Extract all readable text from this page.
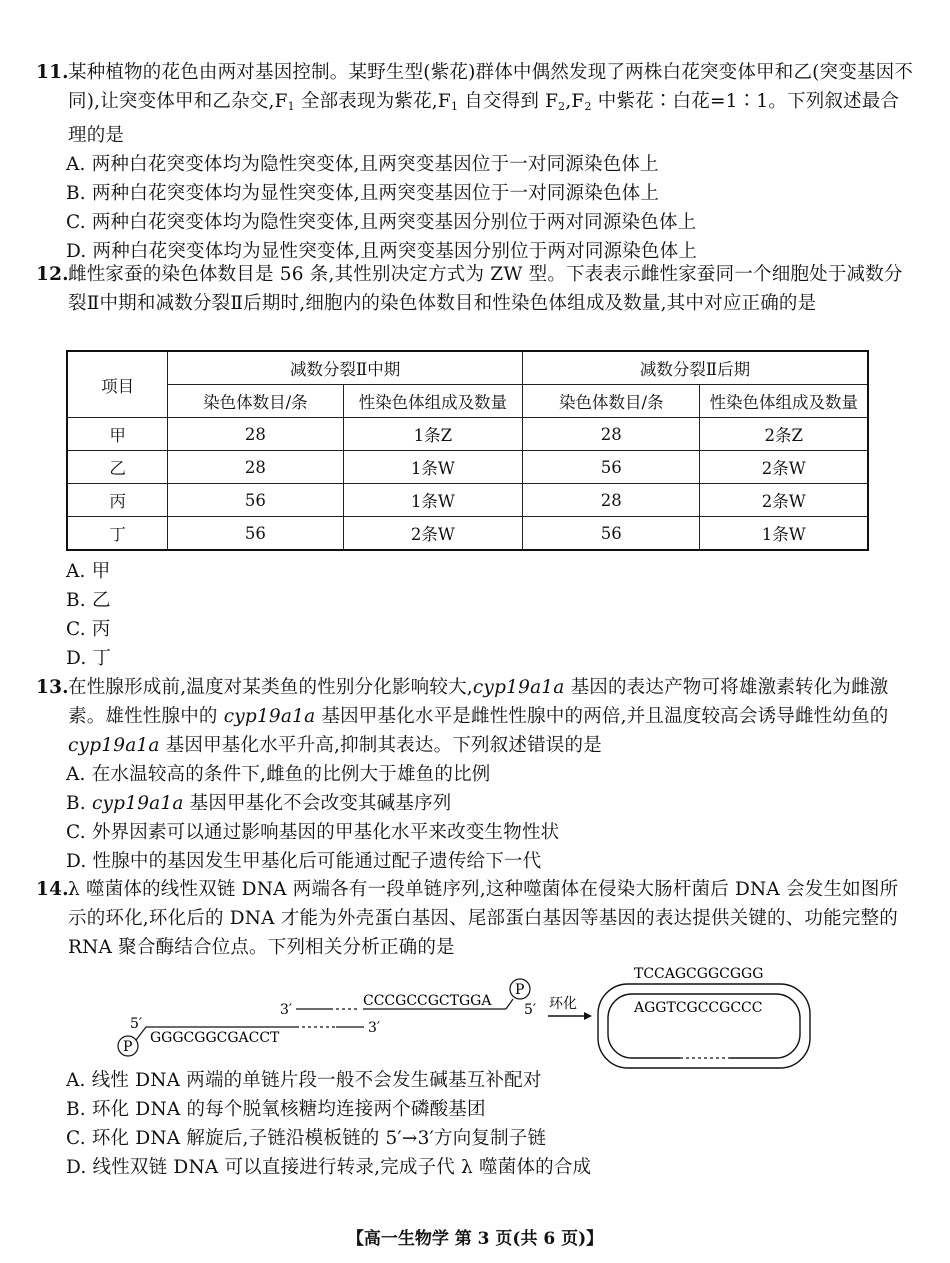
11.某种植物的花色由两对基因控制。某野生型(紫花)群体中偶然发现了两株白花突变体甲和乙(突变基因不同),让突变体甲和乙杂交$,F_1$ 全部表现为紫花$,F_1$ 自交得到 $F_2,F_2$ 中紫花∶白花=1∶1。下列叙述最合理的是
A. 两种白花突变体均为隐性突变体,且两突变基因位于一对同源染色体上
B. 两种白花突变体均为显性突变体,且两突变基因位于一对同源染色体上
C. 两种白花突变体均为隐性突变体,且两突变基因分别位于两对同源染色体上
D. 两种白花突变体均为显性突变体,且两突变基因分别位于两对同源染色体上
12.雌性家蚕的染色体数目是 56 条,其性别决定方式为 ZW 型。下表表示雌性家蚕同一个细胞处于减数分裂Ⅱ中期和减数分裂Ⅱ后期时,细胞内的染色体数目和性染色体组成及数量,其中对应正确的是
项目	减数分裂Ⅱ中期		减数分裂Ⅱ后期	
	染色体数目/条	性染色体组成及数量	染色体数目/条	性染色体组成及数量
甲	28	1条Z	28	2条Z
乙	28	1条W	56	2条W
丙	56	1条W	28	2条W
丁	56	2条W	56	1条W
A. 甲
B. 乙
C. 丙
D. 丁
13.在性腺形成前,温度对某类鱼的性别分化影响较大,cyp19a1a 基因的表达产物可将雄激素转化为雌激素。雄性性腺中的 cyp19a1a 基因甲基化水平是雌性性腺中的两倍,并且温度较高会诱导雌性幼鱼的 cyp19a1a 基因甲基化水平升高,抑制其表达。下列叙述错误的是
A. 在水温较高的条件下,雌鱼的比例大于雄鱼的比例
B. cyp19a1a 基因甲基化不会改变其碱基序列
C. 外界因素可以通过影响基因的甲基化水平来改变生物性状
D. 性腺中的基因发生甲基化后可能通过配子遗传给下一代
14.λ 噬菌体的线性双链 DNA 两端各有一段单链序列,这种噬菌体在侵染大肠杆菌后 DNA 会发生如图所示的环化,环化后的 DNA 才能为外壳蛋白基因、尾部蛋白基因等基因的表达提供关键的、功能完整的 RNA 聚合酶结合位点。下列相关分析正确的是
3′
CCCGCCGCTGGA
P
5′
5′
P
GGGCGGCGACCT
3′
环化
TCCAGCGGCGGG
AGGTCGCCGCCC
A. 线性 DNA 两端的单链片段一般不会发生碱基互补配对
B. 环化 DNA 的每个脱氧核糖均连接两个磷酸基团
C. 环化 DNA 解旋后,子链沿模板链的 5′→3′方向复制子链
D. 线性双链 DNA 可以直接进行转录,完成子代 λ 噬菌体的合成
【高一生物学 第 3 页(共 6 页)】
